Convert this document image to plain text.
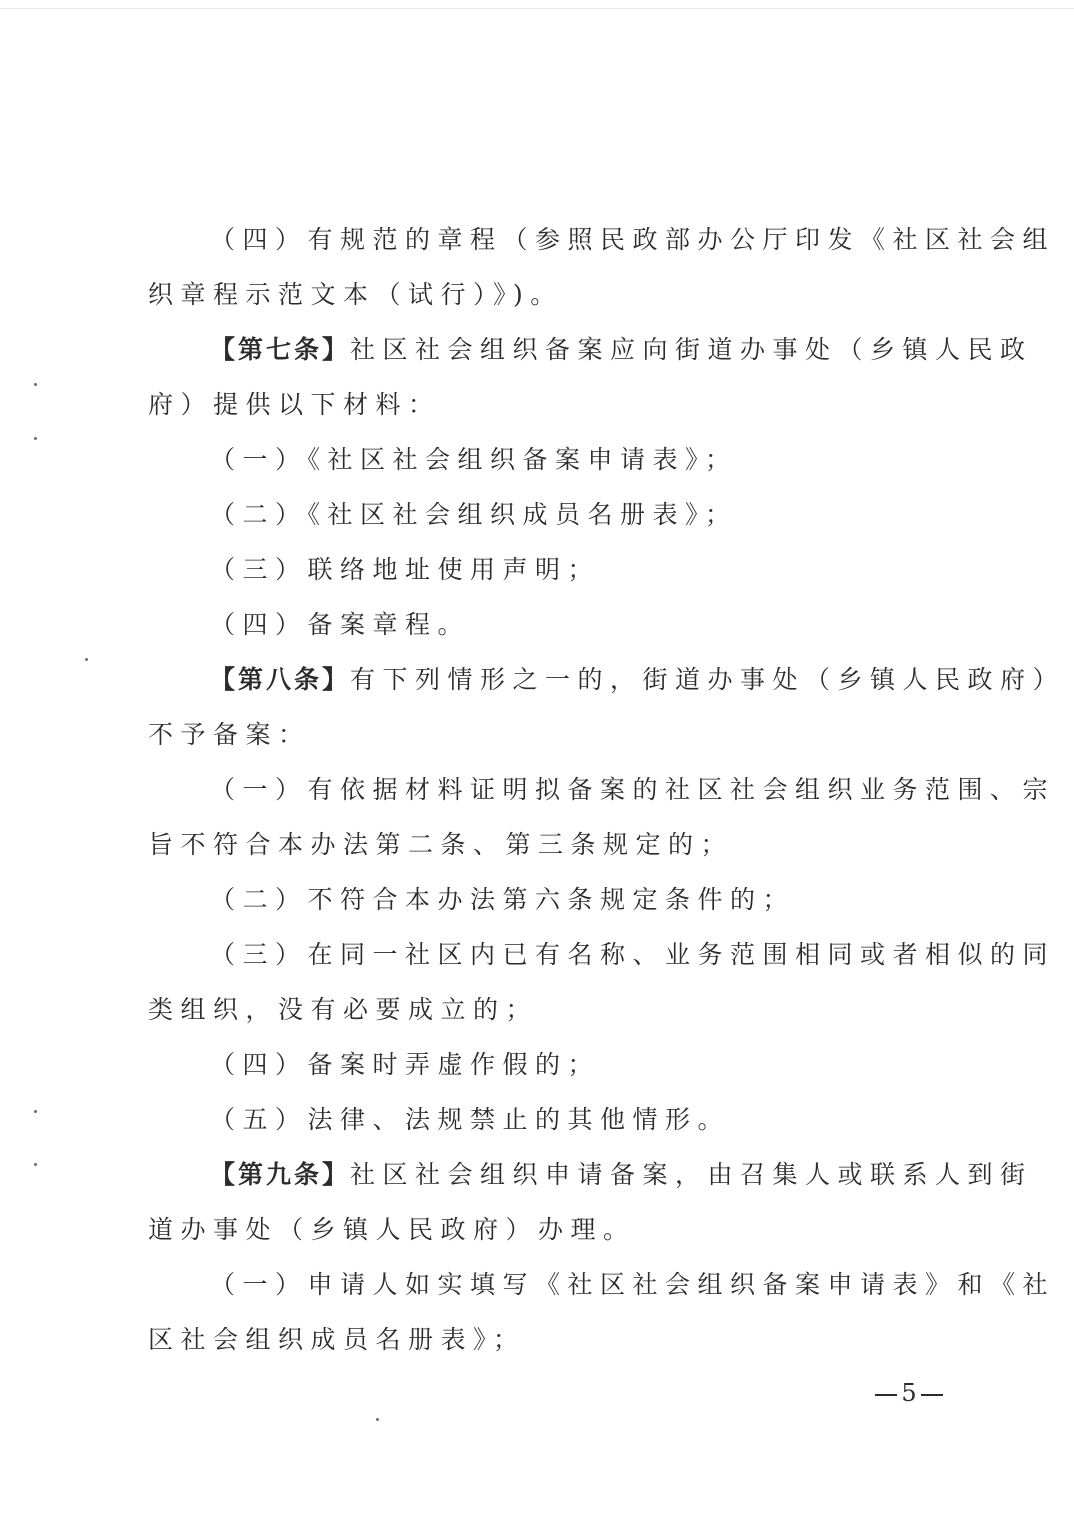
（四）有规范的章程（参照民政部办公厅印发《社区社会组
织章程示范文本（试行）》)。
【第七条】社区社会组织备案应向街道办事处（乡镇人民政
府）提供以下材料：
（一）《社区社会组织备案申请表》；
（二）《社区社会组织成员名册表》；
（三）联络地址使用声明；
（四）备案章程。
【第八条】有下列情形之一的，街道办事处（乡镇人民政府）
不予备案：
（一）有依据材料证明拟备案的社区社会组织业务范围、宗
旨不符合本办法第二条、第三条规定的；
（二）不符合本办法第六条规定条件的；
（三）在同一社区内已有名称、业务范围相同或者相似的同
类组织，没有必要成立的；
（四）备案时弄虚作假的；
（五）法律、法规禁止的其他情形。
【第九条】社区社会组织申请备案，由召集人或联系人到街
道办事处（乡镇人民政府）办理。
（一）申请人如实填写《社区社会组织备案申请表》和《社
区社会组织成员名册表》；
5
